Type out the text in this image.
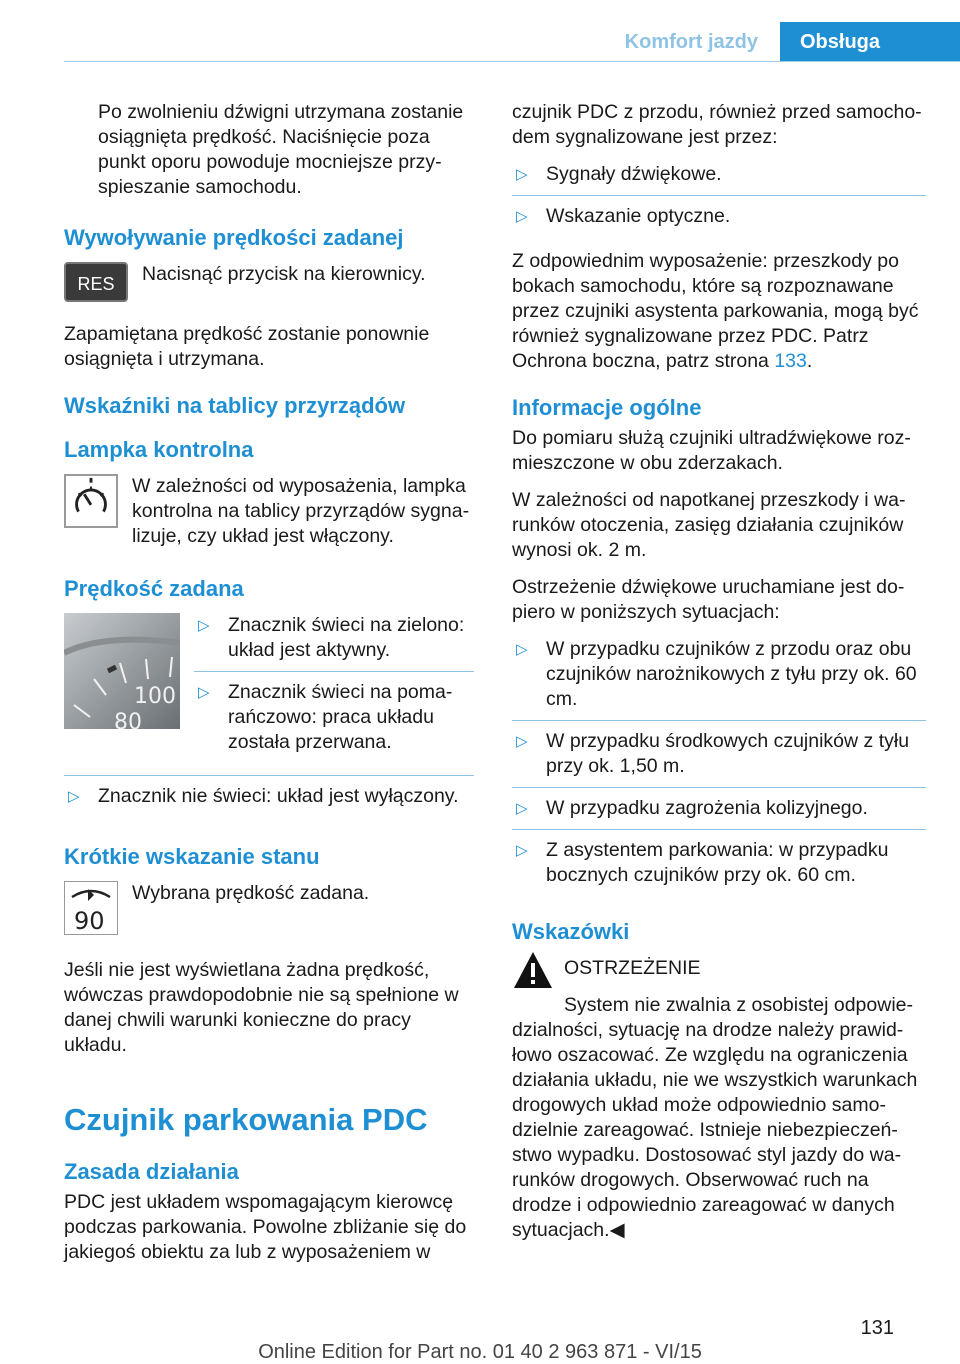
Komfort jazdy	Obsługa

Po zwolnieniu dźwigni utrzymana zostanie osiągnięta prędkość. Naciśnięcie poza punkt oporu powoduje mocniejsze przyspieszanie samochodu.

Wywoływanie prędkości zadanej
RES	Nacisnąć przycisk na kierownicy.

Zapamiętana prędkość zostanie ponownie osiągnięta i utrzymana.

Wskaźniki na tablicy przyrządów
Lampka kontrolna

W zależności od wyposażenia, lampka kontrolna na tablicy przyrządów sygnalizuje, czy układ jest włączony.

Prędkość zadana
100
80
▷ Znacznik świeci na zielono: układ jest aktywny.
▷ Znacznik świeci na pomarańczowo: praca układu została przerwana.
▷ Znacznik nie świeci: układ jest wyłączony.
Krótkie wskazanie stanu
90

Wybrana prędkość zadana.

Jeśli nie jest wyświetlana żadna prędkość, wówczas prawdopodobnie nie są spełnione w danej chwili warunki konieczne do pracy układu.

Czujnik parkowania PDC
Zasada działania

PDC jest układem wspomagającym kierowcę podczas parkowania. Powolne zbliżanie się do jakiegoś obiektu za lub z wyposażeniem w

czujnik PDC z przodu, również przed samochodem sygnalizowane jest przez:

▷ Sygnały dźwiękowe.
▷ Wskazanie optyczne.

Z odpowiednim wyposażenie: przeszkody po bokach samochodu, które są rozpoznawane przez czujniki asystenta parkowania, mogą być również sygnalizowane przez PDC. Patrz Ochrona boczna, patrz strona 133.

Informacje ogólne

Do pomiaru służą czujniki ultradźwiękowe rozmieszczone w obu zderzakach.

W zależności od napotkanej przeszkody i warunków otoczenia, zasięg działania czujników wynosi ok. 2 m.

Ostrzeżenie dźwiękowe uruchamiane jest dopiero w poniższych sytuacjach:

▷ W przypadku czujników z przodu oraz obu czujników narożnikowych z tyłu przy ok. 60 cm.
▷ W przypadku środkowych czujników z tyłu przy ok. 1,50 m.
▷ W przypadku zagrożenia kolizyjnego.
▷ Z asystentem parkowania: w przypadku bocznych czujników przy ok. 60 cm.
Wskazówki

OSTRZEŻENIE

System nie zwalnia z osobistej odpowiedzialności, sytuację na drodze należy prawidłowo oszacować. Ze względu na ograniczenia działania układu, nie we wszystkich warunkach drogowych układ może odpowiednio samodzielnie zareagować. Istnieje niebezpieczeństwo wypadku. Dostosować styl jazdy do warunków drogowych. Obserwować ruch na drodze i odpowiednio zareagować w danych sytuacjach.◀

131
Online Edition for Part no. 01 40 2 963 871 - VI/15
